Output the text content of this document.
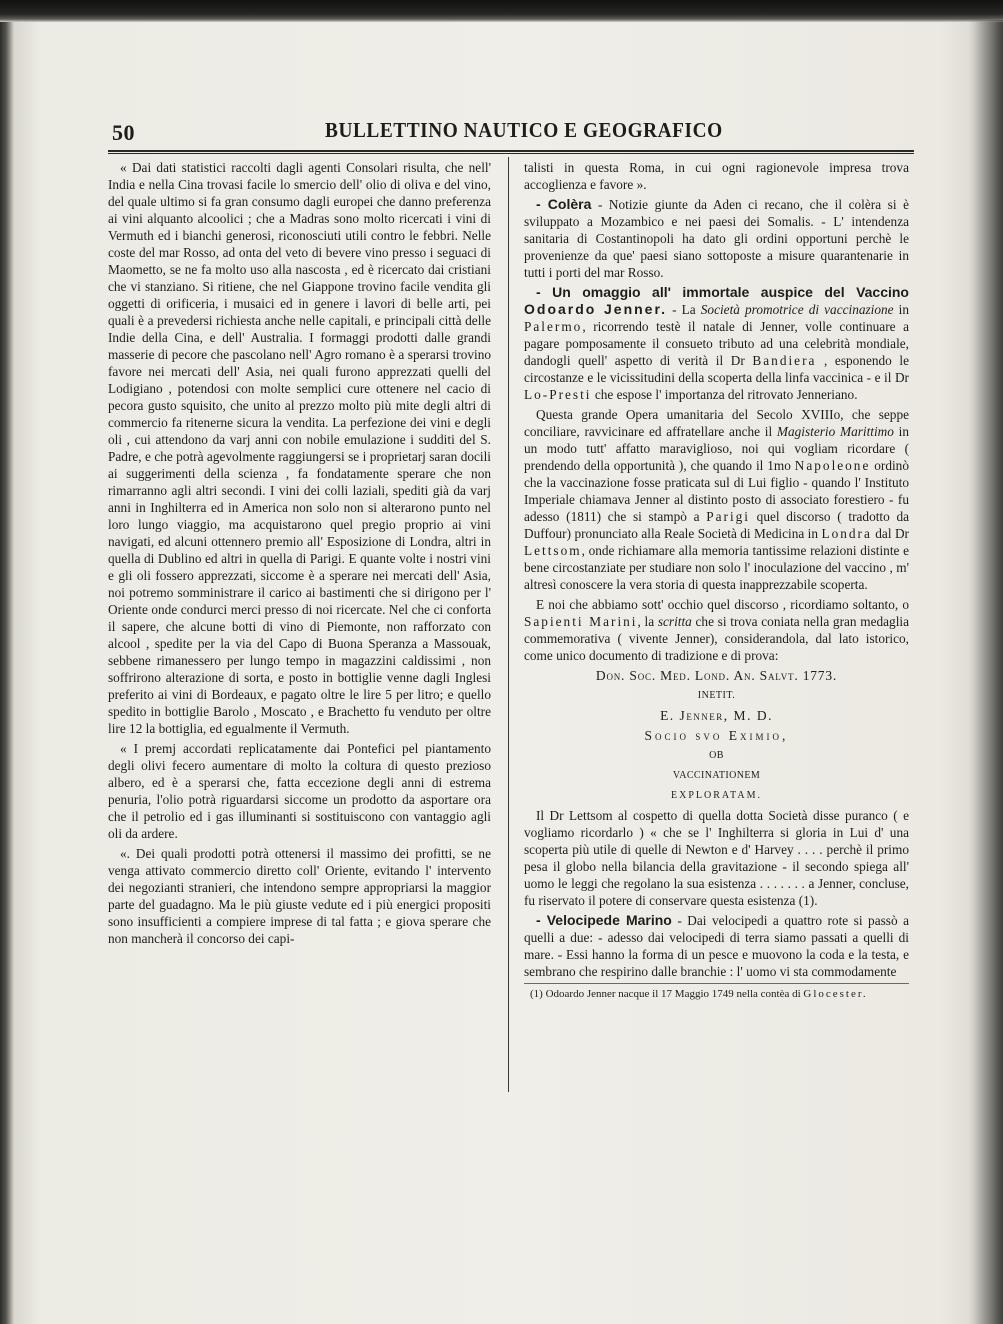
50	BULLETTINO NAUTICO E GEOGRAFICO

« Dai dati statistici raccolti dagli agenti Consolari risulta, che nell' India e nella Cina trovasi facile lo smercio dell' olio di oliva e del vino, del quale ultimo si fa gran consumo dagli europei che danno preferenza ai vini alquanto alcoolici ; che a Madras sono molto ricercati i vini di Vermuth ed i bianchi generosi, riconosciuti utili contro le febbri. Nelle coste del mar Rosso, ad onta del veto di bevere vino presso i seguaci di Maometto, se ne fa molto uso alla nascosta , ed è ricercato dai cristiani che vi stanziano. Si ritiene, che nel Giappone trovino facile vendita gli oggetti di orificeria, i musaici ed in genere i lavori di belle arti, pei quali è a prevedersi richiesta anche nelle capitali, e principali città delle Indie della Cina, e dell' Australia. I formaggi prodotti dalle grandi masserie di pecore che pascolano nell' Agro romano è a sperarsi trovino favore nei mercati dell' Asia, nei quali furono apprezzati quelli del Lodigiano , potendosi con molte semplici cure ottenere nel cacio di pecora gusto squisito, che unito al prezzo molto più mite degli altri di commercio fa ritenerne sicura la vendita. La perfezione dei vini e degli oli , cui attendono da varj anni con nobile emulazione i sudditi del S. Padre, e che potrà agevolmente raggiungersi se i proprietarj saran docili ai suggerimenti della scienza , fa fondatamente sperare che non rimarranno agli altri secondi. I vini dei colli laziali, spediti già da varj anni in Inghilterra ed in America non solo non si alterarono punto nel loro lungo viaggio, ma acquistarono quel pregio proprio ai vini navigati, ed alcuni ottennero premio all' Esposizione di Londra, altri in quella di Dublino ed altri in quella di Parigi. E quante volte i nostri vini e gli oli fossero apprezzati, siccome è a sperare nei mercati dell' Asia, noi potremo somministrare il carico ai bastimenti che si dirigono per l' Oriente onde condurci merci presso di noi ricercate. Nel che ci conforta il sapere, che alcune botti di vino di Piemonte, non rafforzato con alcool , spedite per la via del Capo di Buona Speranza a Massouak, sebbene rimanessero per lungo tempo in magazzini caldissimi , non soffrirono alterazione di sorta, e posto in bottiglie venne dagli Inglesi preferito ai vini di Bordeaux, e pagato oltre le lire 5 per litro; e quello spedito in bottiglie Barolo , Moscato , e Brachetto fu venduto per oltre lire 12 la bottiglia, ed egualmente il Vermuth.

« I premj accordati replicatamente dai Pontefici pel piantamento degli olivi fecero aumentare di molto la coltura di questo prezioso albero, ed è a sperarsi che, fatta eccezione degli anni di estrema penuria, l'olio potrà riguardarsi siccome un prodotto da asportare ora che il petrolio ed i gas illuminanti si sostituiscono con vantaggio agli oli da ardere.

«. Dei quali prodotti potrà ottenersi il massimo dei profitti, se ne venga attivato commercio diretto coll' Oriente, evitando l' intervento dei negozianti stranieri, che intendono sempre appropriarsi la maggior parte del guadagno. Ma le più giuste vedute ed i più energici propositi sono insufficienti a compiere imprese di tal fatta ; e giova sperare che non mancherà il concorso dei capi-

talisti in questa Roma, in cui ogni ragionevole impresa trova accoglienza e favore ».

- Colèra - Notizie giunte da Aden ci recano, che il colèra si è sviluppato a Mozambico e nei paesi dei Somalis. - L' intendenza sanitaria di Costantinopoli ha dato gli ordini opportuni perchè le provenienze da que' paesi siano sottoposte a misure quarantenarie in tutti i porti del mar Rosso.

- Un omaggio all' immortale auspice del Vaccino Odoardo Jenner. - La Società promotrice di vaccinazione in Palermo, ricorrendo testè il natale di Jenner, volle continuare a pagare pomposamente il consueto tributo ad una celebrità mondiale, dandogli quell' aspetto di verità il Dr Bandiera , esponendo le circostanze e le vicissitudini della scoperta della linfa vaccinica - e il Dr Lo-Presti che espose l' importanza del ritrovato Jenneriano.

Questa grande Opera umanitaria del Secolo XVIIIo, che seppe conciliare, ravvicinare ed affratellare anche il Magisterio Marittimo in un modo tutt' affatto maraviglioso, noi qui vogliam ricordare ( prendendo della opportunità ), che quando il 1mo Napoleone ordinò che la vaccinazione fosse praticata sul di Lui figlio - quando l' Instituto Imperiale chiamava Jenner al distinto posto di associato forestiero - fu adesso (1811) che si stampò a Parigi quel discorso ( tradotto da Duffour) pronunciato alla Reale Società di Medicina in Londra dal Dr Lettsom, onde richiamare alla memoria tantissime relazioni distinte e bene circostanziate per studiare non solo l' inoculazione del vaccino , m' altresì conoscere la vera storia di questa inapprezzabile scoperta.

E noi che abbiamo sott' occhio quel discorso , ricordiamo soltanto, o Sapienti Marini, la scritta che si trova coniata nella gran medaglia commemorativa ( vivente Jenner), considerandola, dal lato istorico, come unico documento di tradizione e di prova:

Don. Soc. Med. Lond. An. Salvt. 1773.

INETIT.

E. Jenner, M. D.

Socio svo Eximio,

OB

VACCINATIONEM

EXPLORATAM.

Il Dr Lettsom al cospetto di quella dotta Società disse puranco ( e vogliamo ricordarlo ) « che se l' Inghilterra si gloria in Lui d' una scoperta più utile di quelle di Newton e d' Harvey . . . . perchè il primo pesa il globo nella bilancia della gravitazione - il secondo spiega all' uomo le leggi che regolano la sua esistenza . . . . . . . a Jenner, concluse, fu riservato il potere di conservare questa esistenza (1).

- Velocipede Marino - Dai velocipedi a quattro rote si passò a quelli a due: - adesso dai velocipedi di terra siamo passati a quelli di mare. - Essi hanno la forma di un pesce e muovono la coda e la testa, e sembrano che respirino dalle branchie : l' uomo vi sta commodamente

(1) Odoardo Jenner nacque il 17 Maggio 1749 nella contèa di Glocester.
